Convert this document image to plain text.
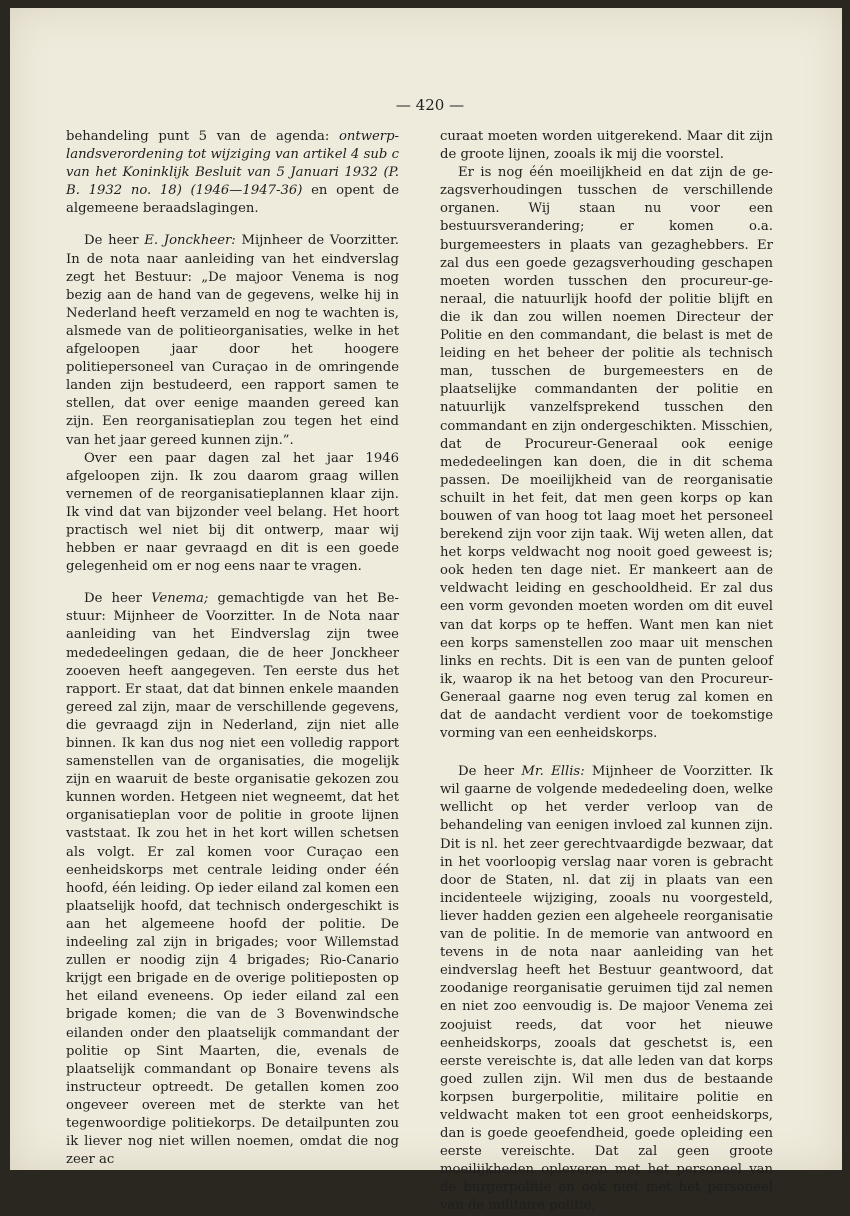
— 420 —

behandeling punt 5 van de agenda: ontwerp-landsverordening tot wijziging van artikel 4 sub c van het Koninklijk Besluit van 5 Januari 1932 (P. B. 1932 no. 18) (1946—1947-36) en opent de algemeene beraadslagingen.

De heer E. Jonckheer: Mijnheer de Voorzitter. In de nota naar aanleiding van het eindverslag zegt het Bestuur: „De majoor Venema is nog bezig aan de hand van de gegevens, welke hij in Nederland heeft verzameld en nog te wachten is, alsmede van de politieorganisaties, welke in het afgeloopen jaar door het hoogere politiepersoneel van Curaçao in de omringende landen zijn bestudeerd, een rapport samen te stellen, dat over eenige maanden gereed kan zijn. Een reorganisatieplan zou tegen het eind van het jaar gereed kunnen zijn.”.

Over een paar dagen zal het jaar 1946 afgeloopen zijn. Ik zou daarom graag willen vernemen of de reorganisatieplannen klaar zijn. Ik vind dat van bijzonder veel belang. Het hoort practisch wel niet bij dit ontwerp, maar wij hebben er naar gevraagd en dit is een goede gelegenheid om er nog eens naar te vragen.

De heer Venema; gemachtigde van het Bestuur: Mijnheer de Voorzitter. In de Nota naar aanleiding van het Eindverslag zijn twee mededeelingen gedaan, die de heer Jonckheer zooeven heeft aangegeven. Ten eerste dus het rapport. Er staat, dat dat binnen enkele maanden gereed zal zijn, maar de verschillende gegevens, die gevraagd zijn in Nederland, zijn niet alle binnen. Ik kan dus nog niet een volledig rapport samenstellen van de organisaties, die mogelijk zijn en waaruit de beste organisatie gekozen zou kunnen worden. Hetgeen niet wegneemt, dat het organisatieplan voor de politie in groote lijnen vaststaat. Ik zou het in het kort willen schetsen als volgt. Er zal komen voor Curaçao een eenheidskorps met centrale leiding onder één hoofd, één leiding. Op ieder eiland zal komen een plaatselijk hoofd, dat technisch ondergeschikt is aan het algemeene hoofd der politie. De indeeling zal zijn in brigades; voor Willemstad zullen er noodig zijn 4 brigades; Rio-Canario krijgt een brigade en de overige politieposten op het eiland eveneens. Op ieder eiland zal een brigade komen; die van de 3 Bovenwindsche eilanden onder den plaatselijk commandant der politie op Sint Maarten, die, evenals de plaatselijk commandant op Bonaire tevens als instructeur optreedt. De getallen komen zoo ongeveer overeen met de sterkte van het tegenwoordige politiekorps. De detailpunten zou ik liever nog niet willen noemen, omdat die nog zeer ac

curaat moeten worden uitgerekend. Maar dit zijn de groote lijnen, zooals ik mij die voorstel.

Er is nog één moeilijkheid en dat zijn de gezagsverhoudingen tusschen de verschillende organen. Wij staan nu voor een bestuursverandering; er komen o.a. burgemeesters in plaats van gezaghebbers. Er zal dus een goede gezagsverhouding geschapen moeten worden tusschen den procureur-generaal, die natuurlijk hoofd der politie blijft en die ik dan zou willen noemen Directeur der Politie en den commandant, die belast is met de leiding en het beheer der politie als technisch man, tusschen de burgemeesters en de plaatselijke commandanten der politie en natuurlijk vanzelfsprekend tusschen den commandant en zijn ondergeschikten. Misschien, dat de Procureur-Generaal ook eenige mededeelingen kan doen, die in dit schema passen. De moeilijkheid van de reorganisatie schuilt in het feit, dat men geen korps op kan bouwen of van hoog tot laag moet het personeel berekend zijn voor zijn taak. Wij weten allen, dat het korps veldwacht nog nooit goed geweest is; ook heden ten dage niet. Er mankeert aan de veldwacht leiding en geschooldheid. Er zal dus een vorm gevonden moeten worden om dit euvel van dat korps op te heffen. Want men kan niet een korps samenstellen zoo maar uit menschen links en rechts. Dit is een van de punten geloof ik, waarop ik na het betoog van den Procureur-Generaal gaarne nog even terug zal komen en dat de aandacht verdient voor de toekomstige vorming van een eenheidskorps.

De heer Mr. Ellis: Mijnheer de Voorzitter. Ik wil gaarne de volgende mededeeling doen, welke wellicht op het verder verloop van de behandeling van eenigen invloed zal kunnen zijn. Dit is nl. het zeer gerechtvaardigde bezwaar, dat in het voorloopig verslag naar voren is gebracht door de Staten, nl. dat zij in plaats van een incidenteele wijziging, zooals nu voorgesteld, liever hadden gezien een algeheele reorganisatie van de politie. In de memorie van antwoord en tevens in de nota naar aanleiding van het eindverslag heeft het Bestuur geantwoord, dat zoodanige reorganisatie geruimen tijd zal nemen en niet zoo eenvoudig is. De majoor Venema zei zoojuist reeds, dat voor het nieuwe eenheidskorps, zooals dat geschetst is, een eerste vereischte is, dat alle leden van dat korps goed zullen zijn. Wil men dus de bestaande korpsen burgerpolitie, militaire politie en veldwacht maken tot een groot eenheidskorps, dan is goede geoefendheid, goede opleiding een eerste vereischte. Dat zal geen groote moeilijkheden opleveren met het personeel van de burgerpolitie en ook niet met het personeel van de militaire politie,
